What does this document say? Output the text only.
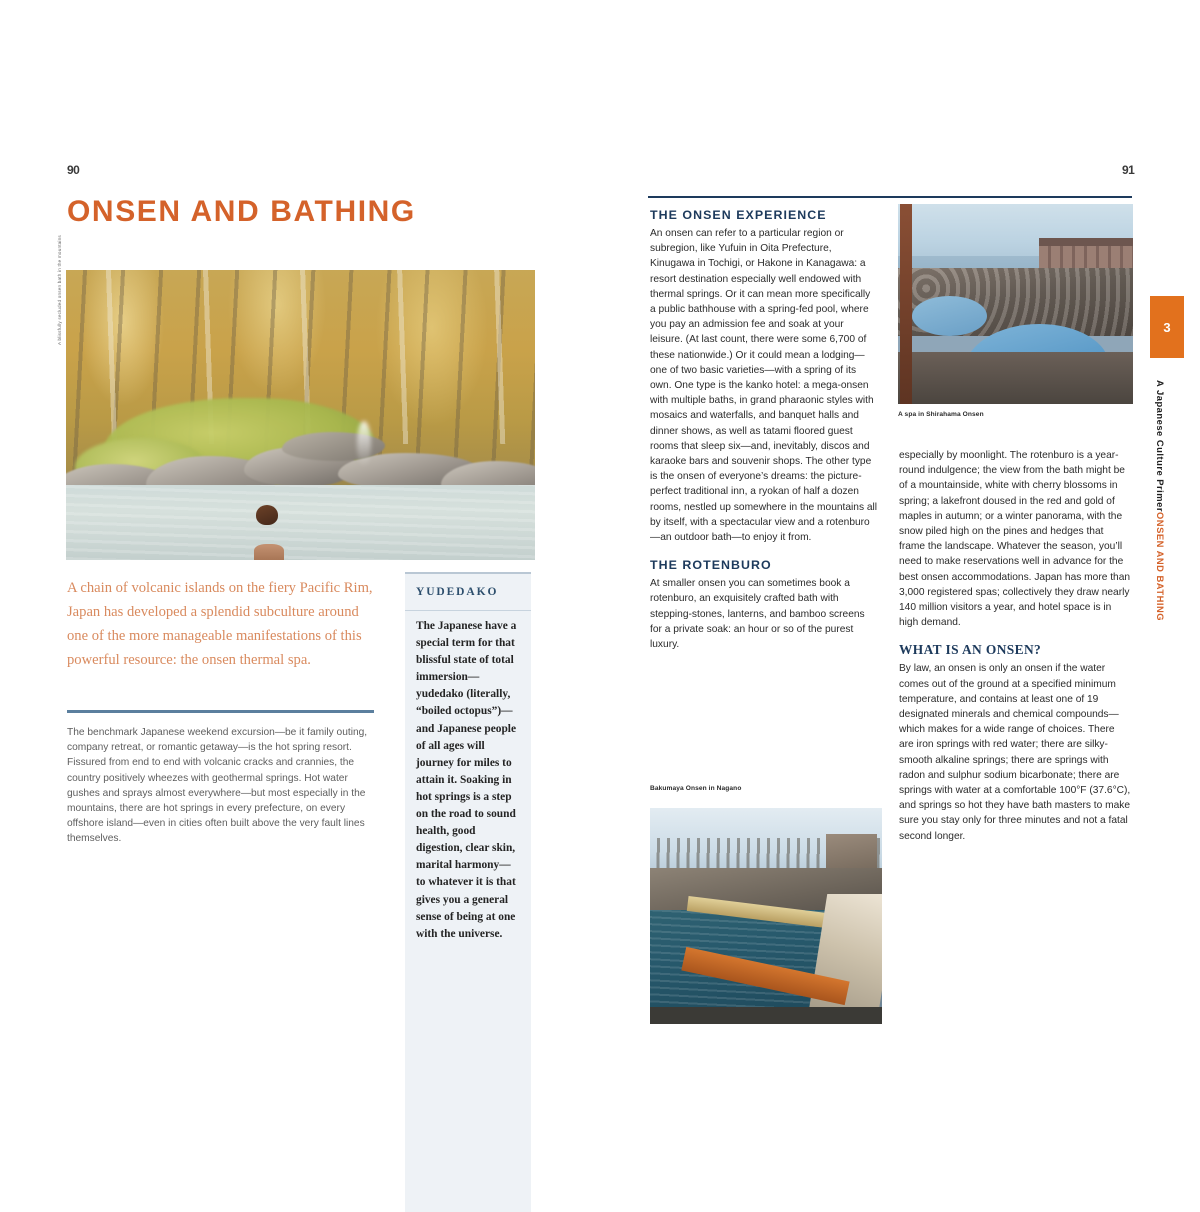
90	91
ONSEN AND BATHING
A blissfully secluded onsen bath in the mountains
A chain of volcanic islands on the fiery Pacific Rim, Japan has developed a splendid subculture around one of the more manageable manifestations of this powerful resource: the onsen thermal spa.
The benchmark Japanese weekend excursion—be it family outing, company retreat, or romantic getaway—is the hot spring resort. Fissured from end to end with volcanic cracks and crannies, the country positively wheezes with geothermal springs. Hot water gushes and sprays almost everywhere—but most especially in the mountains, there are hot springs in every prefecture, on every offshore island—even in cities often built above the very fault lines themselves.
YUDEDAKO
The Japanese have a special term for that blissful state of total immersion—yudedako (literally, “boiled octopus”)—and Japanese people of all ages will journey for miles to attain it. Soaking in hot springs is a step on the road to sound health, good digestion, clear skin, marital harmony—to whatever it is that gives you a general sense of being at one with the universe.
A spa in Shirahama Onsen
THE ONSEN EXPERIENCE

An onsen can refer to a particular region or subregion, like Yufuin in Oita Prefecture, Kinugawa in Tochigi, or Hakone in Kanagawa: a resort destination especially well endowed with thermal springs. Or it can mean more specifically a public bathhouse with a spring-fed pool, where you pay an admission fee and soak at your leisure. (At last count, there were some 6,700 of these nationwide.) Or it could mean a lodging—one of two basic varieties—with a spring of its own. One type is the kanko hotel: a mega-onsen with multiple baths, in grand pharaonic styles with mosaics and waterfalls, and banquet halls and dinner shows, as well as tatami floored guest rooms that sleep six—and, inevitably, discos and karaoke bars and souvenir shops. The other type is the onsen of everyone’s dreams: the picture-perfect traditional inn, a ryokan of half a dozen rooms, nestled up somewhere in the mountains all by itself, with a spectacular view and a rotenburo—an outdoor bath—to enjoy it from.

THE ROTENBURO

At smaller onsen you can sometimes book a rotenburo, an exquisitely crafted bath with stepping-stones, lanterns, and bamboo screens for a private soak: an hour or so of the purest luxury.

Bakumaya Onsen in Nagano

especially by moonlight. The rotenburo is a year-round indulgence; the view from the bath might be of a mountainside, white with cherry blossoms in spring; a lakefront doused in the red and gold of maples in autumn; or a winter panorama, with the snow piled high on the pines and hedges that frame the landscape. Whatever the season, you’ll need to make reservations well in advance for the best onsen accommodations. Japan has more than 3,000 registered spas; collectively they draw nearly 140 million visitors a year, and hotel space is in high demand.

WHAT IS AN ONSEN?

By law, an onsen is only an onsen if the water comes out of the ground at a specified minimum temperature, and contains at least one of 19 designated minerals and chemical compounds—which makes for a wide range of choices. There are iron springs with red water; there are silky-smooth alkaline springs; there are springs with radon and sulphur sodium bicarbonate; there are springs with water at a comfortable 100°F (37.6°C), and springs so hot they have bath masters to make sure you stay only for three minutes and not a fatal second longer.

3
A Japanese Culture Primer
ONSEN AND BATHING
